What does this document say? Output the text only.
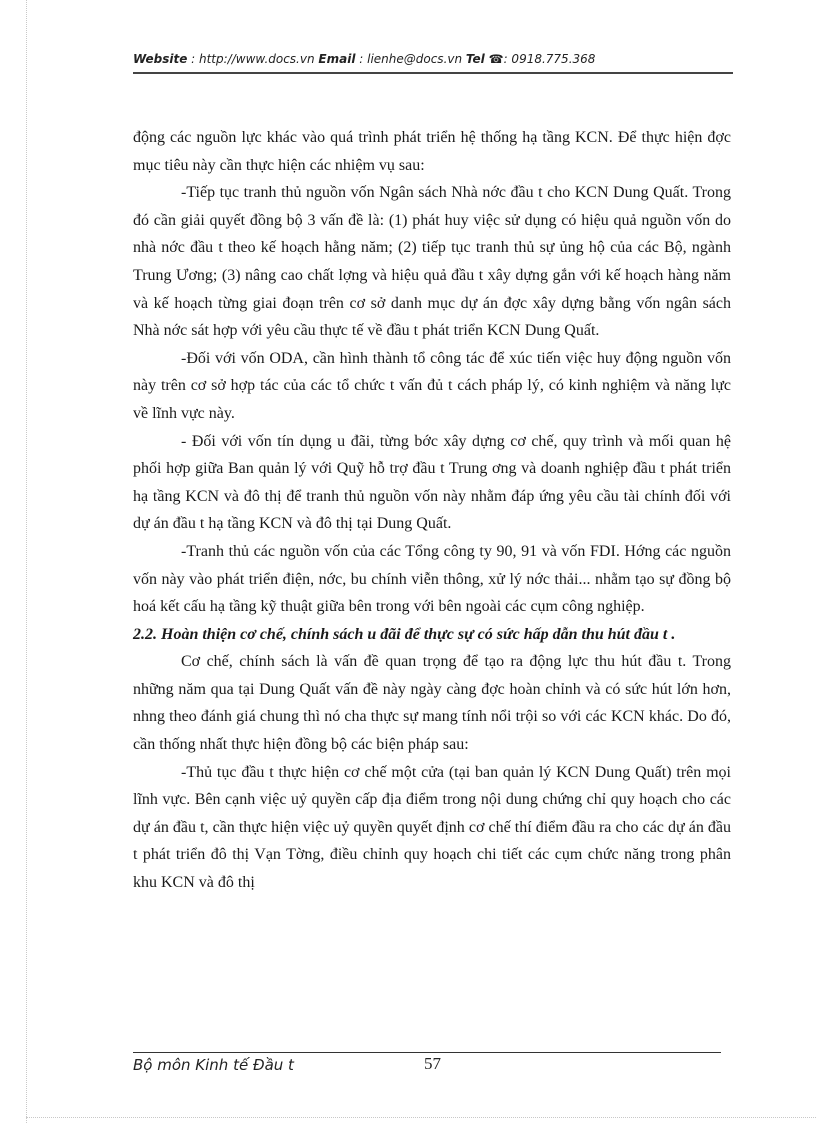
Website : http://www.docs.vn Email : lienhe@docs.vn Tel ☎: 0918.775.368

động các nguồn lực khác vào quá trình phát triển hệ thống hạ tầng KCN. Để thực hiện đợc mục tiêu này cần thực hiện các nhiệm vụ sau:

-Tiếp tục tranh thủ nguồn vốn Ngân sách Nhà nớc đầu t cho KCN Dung Quất. Trong đó cần giải quyết đồng bộ 3 vấn đề là: (1) phát huy việc sử dụng có hiệu quả nguồn vốn do nhà nớc đầu t theo kế hoạch hằng năm; (2) tiếp tục tranh thủ sự ủng hộ của các Bộ, ngành Trung Ương; (3) nâng cao chất lợng và hiệu quả đầu t xây dựng gắn với kế hoạch hàng năm và kế hoạch từng giai đoạn trên cơ sở danh mục dự án đợc xây dựng bằng vốn ngân sách Nhà nớc sát hợp với yêu cầu thực tế về đầu t phát triển KCN Dung Quất.

-Đối với vốn ODA, cần hình thành tổ công tác để xúc tiến việc huy động nguồn vốn này trên cơ sở hợp tác của các tổ chức t vấn đủ t cách pháp lý, có kinh nghiệm và năng lực về lĩnh vực này.

- Đối với vốn tín dụng u đãi, từng bớc xây dựng cơ chế, quy trình và mối quan hệ phối hợp giữa Ban quản lý với Quỹ hỗ trợ đầu t Trung ơng và doanh nghiệp đầu t phát triển hạ tầng KCN và đô thị để tranh thủ nguồn vốn này nhằm đáp ứng yêu cầu tài chính đối với dự án đầu t hạ tầng KCN và đô thị tại Dung Quất.

-Tranh thủ các nguồn vốn của các Tổng công ty 90, 91 và vốn FDI. Hớng các nguồn vốn này vào phát triển điện, nớc, bu chính viễn thông, xử lý nớc thải... nhằm tạo sự đồng bộ hoá kết cấu hạ tầng kỹ thuật giữa bên trong với bên ngoài các cụm công nghiệp.

2.2. Hoàn thiện cơ chế, chính sách u đãi để thực sự có sức hấp dẫn thu hút đầu t .

Cơ chế, chính sách là vấn đề quan trọng để tạo ra động lực thu hút đầu t. Trong những năm qua tại Dung Quất vấn đề này ngày càng đợc hoàn chỉnh và có sức hút lớn hơn, nhng theo đánh giá chung thì nó cha thực sự mang tính nổi trội so với các KCN khác. Do đó, cần thống nhất thực hiện đồng bộ các biện pháp sau:

-Thủ tục đầu t thực hiện cơ chế một cửa (tại ban quản lý KCN Dung Quất) trên mọi lĩnh vực. Bên cạnh việc uỷ quyền cấp địa điểm trong nội dung chứng chỉ quy hoạch cho các dự án đầu t, cần thực hiện việc uỷ quyền quyết định cơ chế thí điểm đầu ra cho các dự án đầu t phát triển đô thị Vạn Tờng, điều chỉnh quy hoạch chi tiết các cụm chức năng trong phân khu KCN và đô thị

Bộ môn Kinh tế Đầu t	57
